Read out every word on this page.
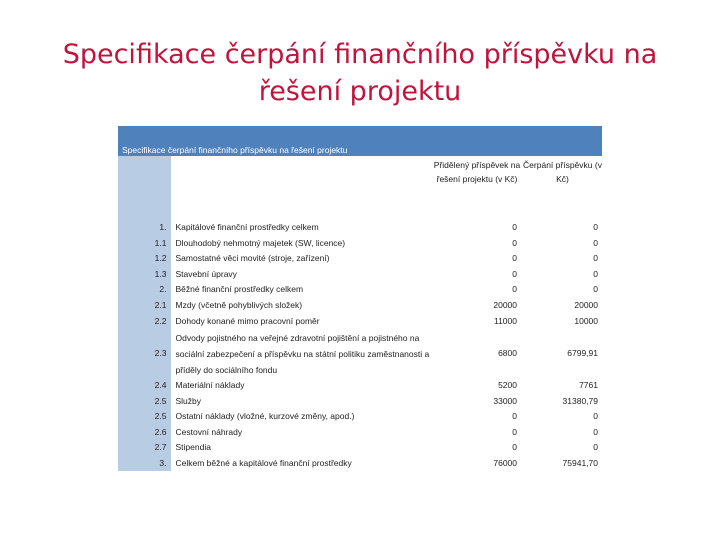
Specifikace čerpání finančního příspěvku na řešení projektu
Specifikace čerpání finančního příspěvku na řešení projektu
		Přidělený příspěvek na řešení projektu (v Kč)	Čerpání příspěvku (v Kč)
1.	Kapitálové finanční prostředky celkem	0	0
1.1	Dlouhodobý nehmotný majetek (SW, licence)	0	0
1.2	Samostatné věci movité (stroje, zařízení)	0	0
1.3	Stavební úpravy	0	0
2.	Běžné finanční prostředky celkem	0	0
2.1	Mzdy (včetně pohyblivých složek)	20000	20000
2.2	Dohody konané mimo pracovní poměr	11000	10000
2.3	Odvody pojistného na veřejné zdravotní pojištění a pojistného na sociální zabezpečení a příspěvku na státní politiku zaměstnanosti a příděly do sociálního fondu	6800	6799,91
2.4	Materiální náklady	5200	7761
2.5	Služby	33000	31380,79
2.5	Ostatní náklady (vložné, kurzové změny, apod.)	0	0
2.6	Cestovní náhrady	0	0
2.7	Stipendia	0	0
3.	Celkem běžné a kapitálové finanční prostředky	76000	75941,70
